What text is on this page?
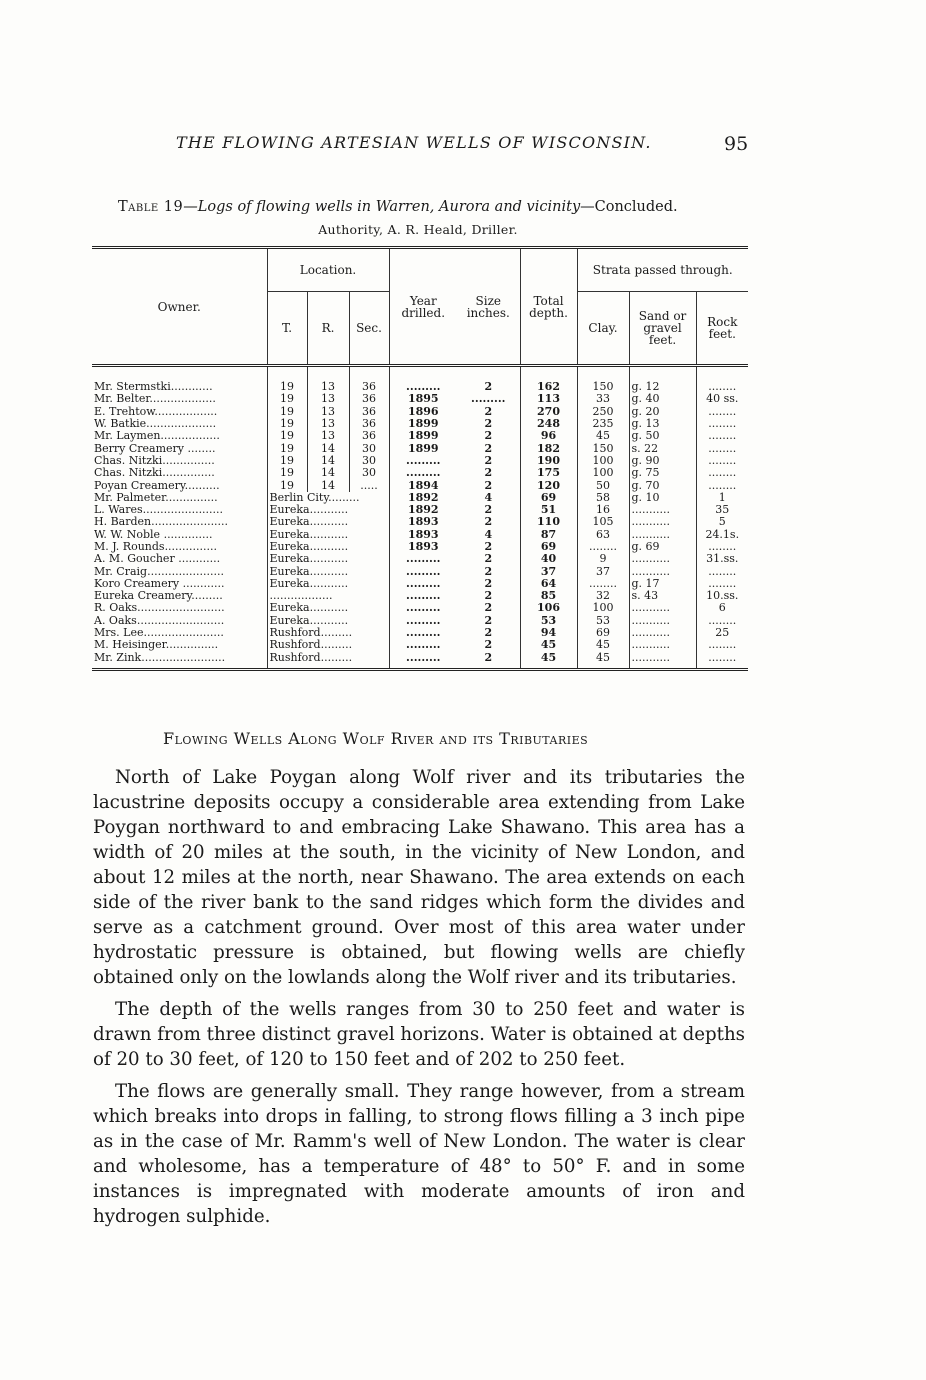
THE FLOWING ARTESIAN WELLS OF WISCONSIN.	95
Table 19—Logs of flowing wells in Warren, Aurora and vicinity—Concluded.
Authority, A. R. Heald, Driller.
Owner.	Location.			Year drilled.	Size inches.	Total depth.	Strata passed through.		
	T.	R.	Sec.				Clay.	Sand or gravel feet.	Rock feet.
Mr. Stermstki............	19	13	36	.........	2	162	150	g. 12	........
Mr. Belter...................	19	13	36	1895	.........	113	33	g. 40	40 ss.
E. Trehtow..................	19	13	36	1896	2	270	250	g. 20	........
W. Batkie....................	19	13	36	1899	2	248	235	g. 13	........
Mr. Laymen.................	19	13	36	1899	2	96	45	g. 50	........
Berry Creamery ........	19	14	30	1899	2	182	150	s. 22	........
Chas. Nitzki...............	19	14	30	.........	2	190	100	g. 90	........
Chas. Nitzki...............	19	14	30	.........	2	175	100	g. 75	........
Poyan Creamery..........	19	14	.....	1894	2	120	50	g. 70	........
Mr. Palmeter...............	Berlin City.........			1892	4	69	58	g. 10	1
L. Wares.......................	Eureka...........			1892	2	51	16	...........	35
H. Barden......................	Eureka...........			1893	2	110	105	...........	5
W. W. Noble ..............	Eureka...........			1893	4	87	63	...........	24.1s.
M. J. Rounds...............	Eureka...........			1893	2	69	........	g. 69	........
A. M. Goucher ............	Eureka...........			.........	2	40	9	...........	31.ss.
Mr. Craig......................	Eureka...........			.........	2	37	37	...........	........
Koro Creamery ............	Eureka...........			.........	2	64	........	g. 17	........
Eureka Creamery.........	..................			.........	2	85	32	s. 43	10.ss.
R. Oaks.........................	Eureka...........			.........	2	106	100	...........	6
A. Oaks.........................	Eureka...........			.........	2	53	53	...........	........
Mrs. Lee.......................	Rushford.........			.........	2	94	69	...........	25
M. Heisinger...............	Rushford.........			.........	2	45	45	...........	........
Mr. Zink........................	Rushford.........			.........	2	45	45	...........	........

Flowing Wells Along Wolf River and its Tributaries

North of Lake Poygan along Wolf river and its tributaries the lacustrine deposits occupy a considerable area extending from Lake Poygan northward to and embracing Lake Shawano. This area has a width of 20 miles at the south, in the vicinity of New London, and about 12 miles at the north, near Shawano. The area extends on each side of the river bank to the sand ridges which form the divides and serve as a catchment ground. Over most of this area water under hydrostatic pressure is obtained, but flowing wells are chiefly obtained only on the lowlands along the Wolf river and its tributaries.

The depth of the wells ranges from 30 to 250 feet and water is drawn from three distinct gravel horizons. Water is obtained at depths of 20 to 30 feet, of 120 to 150 feet and of 202 to 250 feet.

The flows are generally small. They range however, from a stream which breaks into drops in falling, to strong flows filling a 3 inch pipe as in the case of Mr. Ramm's well of New London. The water is clear and wholesome, has a temperature of 48° to 50° F. and in some instances is impregnated with moderate amounts of iron and hydrogen sulphide.
